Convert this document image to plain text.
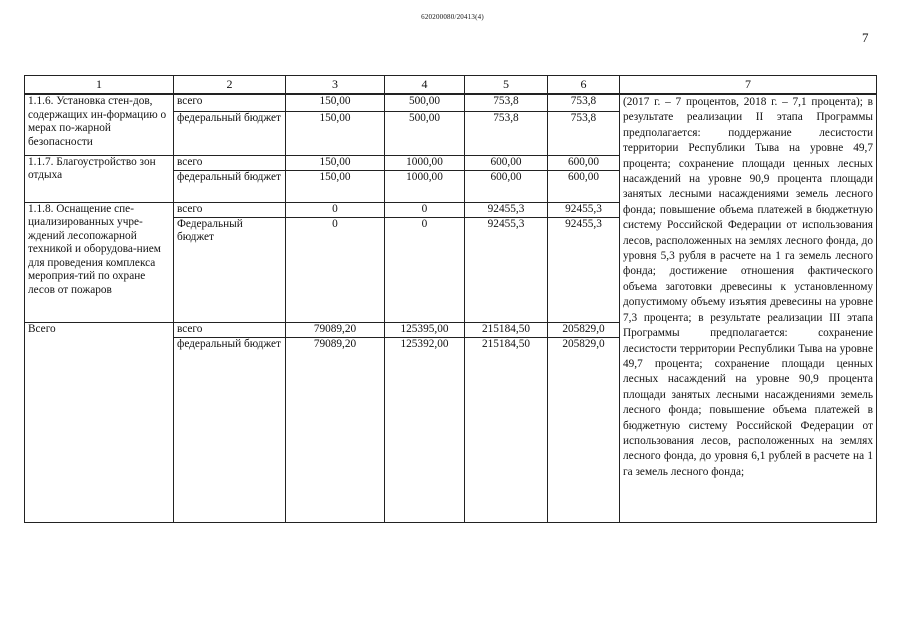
620200080/20413(4)
7
1	2	3	4	5	6	7
1.1.6. Установка стен-дов, содержащих ин-формацию о мерах по-жарной безопасности	всего	150,00	500,00	753,8	753,8	(2017 г. – 7 процентов, 2018 г. – 7,1 процента); в результате реализации II этапа Программы предполагается: поддержание лесистости территории Республики Тыва на уровне 49,7 процента; сохранение площади ценных лесных насаждений на уровне 90,9 процента площади занятых лесными насаждениями земель лесного фонда; повышение объема платежей в бюджетную систему Российской Федерации от использования лесов, расположенных на землях лесного фонда, до уровня 5,3 рубля в расчете на 1 га земель лесного фонда; достижение отношения фактического объема заготовки древесины к установленному допустимому объему изъятия древесины на уровне 7,3 процента; в результате реализации III этапа Программы предполагается: сохранение лесистости территории Республики Тыва на уровне 49,7 процента; сохранение площади ценных лесных насаждений на уровне 90,9 процента площади занятых лесными насаждениями земель лесного фонда; повышение объема платежей в бюджетную систему Российской Федерации от использования лесов, расположенных на землях лесного фонда, до уровня 6,1 рублей в расчете на 1 га земель лесного фонда;
	федеральный бюджет	150,00	500,00	753,8	753,8	
1.1.7. Благоустройство зон отдыха	всего	150,00	1000,00	600,00	600,00	
	федеральный бюджет	150,00	1000,00	600,00	600,00	
1.1.8. Оснащение спе-циализированных учре-ждений лесопожарной техникой и оборудова-нием для проведения комплекса мероприя-тий по охране лесов от пожаров	всего	0	0	92455,3	92455,3	
	Федеральный бюджет	0	0	92455,3	92455,3	
Всего	всего	79089,20	125395,00	215184,50	205829,0	
	федеральный бюджет	79089,20	125392,00	215184,50	205829,0	
